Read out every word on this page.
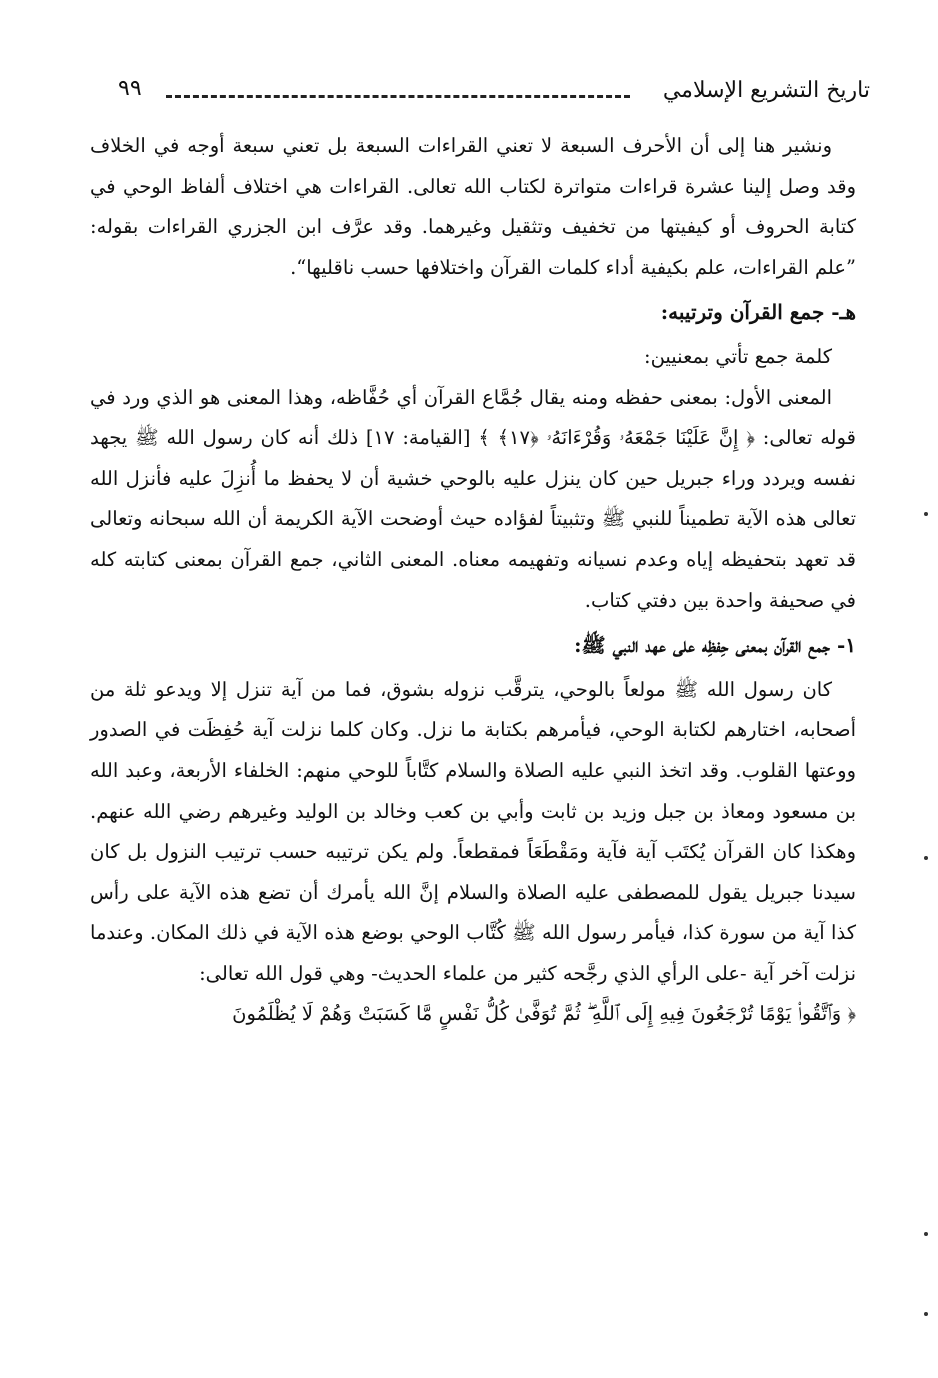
تاريخ التشريع الإسلامي
٩٩

ونشير هنا إلى أن الأحرف السبعة لا تعني القراءات السبعة بل تعني سبعة أوجه في الخلاف وقد وصل إلينا عشرة قراءات متواترة لكتاب الله تعالى. القراءات هي اختلاف ألفاظ الوحي في كتابة الحروف أو كيفيتها من تخفيف وتثقيل وغيرهما. وقد عرَّف ابن الجزري القراءات بقوله: ”علم القراءات، علم بكيفية أداء كلمات القرآن واختلافها حسب ناقليها“.

هـ- جمع القرآن وترتيبه:

كلمة جمع تأتي بمعنيين:

المعنى الأول: بمعنى حفظه ومنه يقال جُمَّاع القرآن أي حُفَّاظه، وهذا المعنى هو الذي ورد في قوله تعالى: ﴿ إِنَّ عَلَيْنَا جَمْعَهُۥ وَقُرْءَانَهُۥ ﴿١٧﴾ ﴾ [القيامة: ١٧] ذلك أنه كان رسول الله ﷺ يجهد نفسه ويردد وراء جبريل حين كان ينزل عليه بالوحي خشية أن لا يحفظ ما أُنزِلَ عليه فأنزل الله تعالى هذه الآية تطميناً للنبي ﷺ وتثبيتاً لفؤاده حيث أوضحت الآية الكريمة أن الله سبحانه وتعالى قد تعهد بتحفيظه إياه وعدم نسيانه وتفهيمه معناه. المعنى الثاني، جمع القرآن بمعنى كتابته كله في صحيفة واحدة بين دفتي كتاب.

١- جمع القرآن بمعنى حِفظِه على عهد النبي ﷺ:

كان رسول الله ﷺ مولعاً بالوحي، يترقَّب نزوله بشوق، فما من آية تنزل إلا ويدعو ثلة من أصحابه، اختارهم لكتابة الوحي، فيأمرهم بكتابة ما نزل. وكان كلما نزلت آية حُفِظَت في الصدور ووعتها القلوب. وقد اتخذ النبي عليه الصلاة والسلام كتَّاباً للوحي منهم: الخلفاء الأربعة، وعبد الله بن مسعود ومعاذ بن جبل وزيد بن ثابت وأبي بن كعب وخالد بن الوليد وغيرهم رضي الله عنهم. وهكذا كان القرآن يُكتَب آية فآية ومَقْطَعَاً فمقطعاً. ولم يكن ترتيبه حسب ترتيب النزول بل كان سيدنا جبريل يقول للمصطفى عليه الصلاة والسلام إنَّ الله يأمرك أن تضع هذه الآية على رأس كذا آية من سورة كذا، فيأمر رسول الله ﷺ كُتَّاب الوحي بوضع هذه الآية في ذلك المكان. وعندما نزلت آخر آية -على الرأي الذي رجَّحه كثير من علماء الحديث- وهي قول الله تعالى:

﴿ وَٱتَّقُوا۟ يَوْمًا تُرْجَعُونَ فِيهِ إِلَى ٱللَّهِ ۖ ثُمَّ تُوَفَّىٰ كُلُّ نَفْسٍ مَّا كَسَبَتْ وَهُمْ لَا يُظْلَمُونَ
